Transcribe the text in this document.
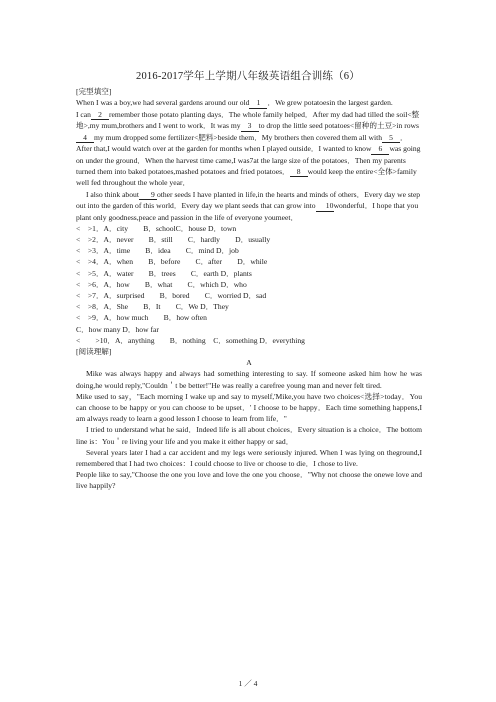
2016-2017学年上学期八年级英语组合训练（6）

[完型填空]

When I was a boy,we had several gardens around our old 1 ．We grew potatoesin the largest garden.

I can 2 remember those potato planting days．The whole family helped．After my dad had tilled the soil<整地>,my mum,brothers and I went to work．It was my 3 to drop the little seed potatoes<留种的土豆>in rows4 my mum dropped some fertilizer<肥料>beside them．My brothers then covered them all with 5 ．

After that,I would watch over at the garden for months when I played outside．I wanted to know 6 was going on under the ground．When the harvest time came,I was7at the large size of the potatoes．Then my parents turned them into baked potatoes,mashed potatoes and fried potatoes． 8 would keep the entire<全体>family well fed throughout the whole year．

I also think about 9 other seeds I have planted in life,in the hearts and minds of others．Every day we step out into the garden of this world．Every day we plant seeds that can grow into 10wonderful．I hope that you plant only goodness,peace and passion in the life of everyone youmeet．

<　>1．A．city　　B．schoolC．house D．town

<　>2．A．never　　B．still　　C．hardly　　D．usually

<　>3．A．time　　B．idea　　C．mind D．job

<　>4．A．when　　B．before　　C．after　　D．while

<　>5．A．water　　B．trees　　C．earth D．plants

<　>6．A．how　　B．what　　C．which D．who

<　>7．A．surprised　　B．bored　　C．worried D．sad

<　>8．A．She　　B．It　　C．We D．They

<　>9．A．how much　　B．how often

C．how many D．how far

<　　>10．A．anything　　B．nothing　C．something D．everything

[阅读理解]

A

Mike was always happy and always had something interesting to say. If someone asked him how he was doing,he would reply,"Couldn＇t be better!"He was really a carefree young man and never felt tired.

Mike used to say，"Each morning I wake up and say to myself,'Mike,you have two choices<选择>today．You can choose to be happy or you can choose to be upset．' I choose to be happy．Each time something happens,I am always ready to learn a good lesson I choose to learn from life．"

I tried to understand what he said．Indeed life is all about choices．Every situation is a choice．The bottom line is：You＇re living your life and you make it either happy or sad．

Several years later I had a car accident and my legs were seriously injured. When I was lying on theground,I remembered that I had two choices：I could choose to live or choose to die．I chose to live.

People like to say,"Choose the one you love and love the one you choose．"Why not choose the onewe love and live happily?

1 ／ 4
